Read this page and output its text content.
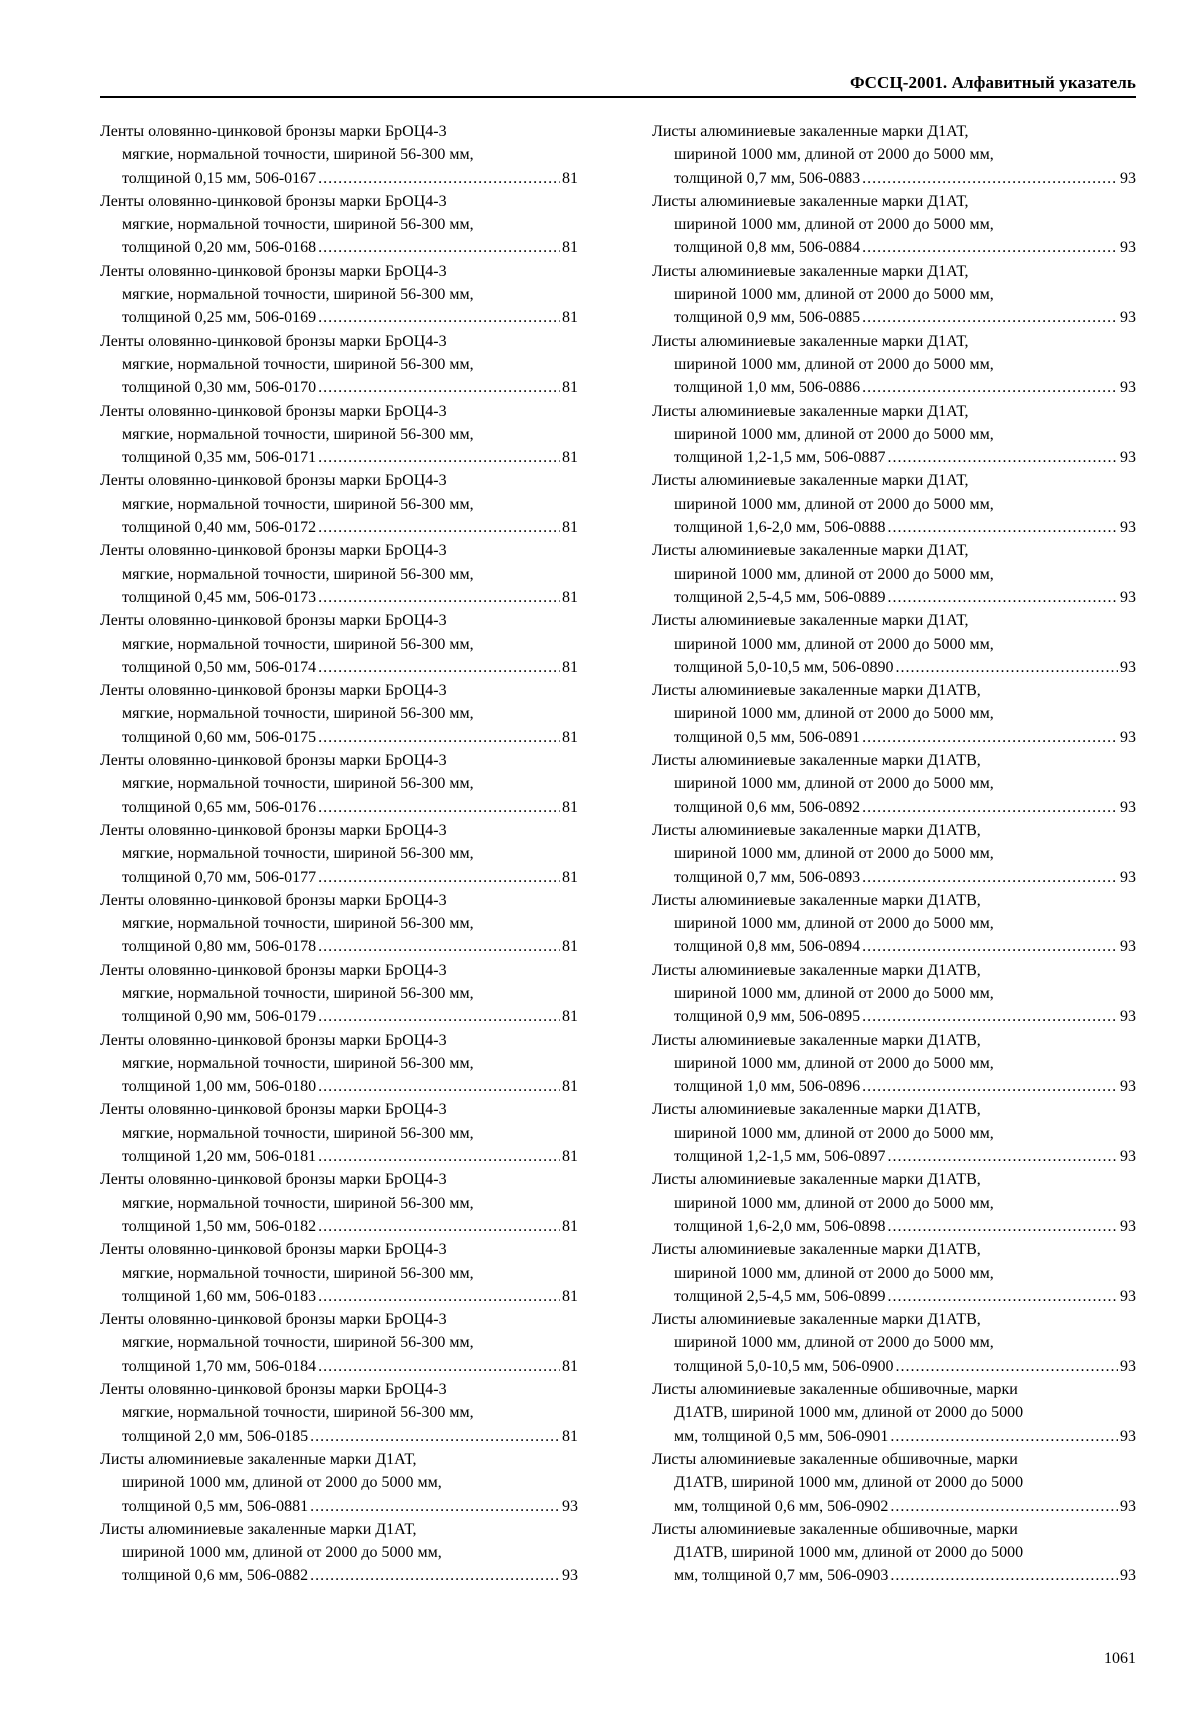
ФССЦ-2001. Алфавитный указатель
Ленты оловянно-цинковой бронзы марки БрОЦ4-3
мягкие, нормальной точности, шириной 56-300 мм,
толщиной 0,15 мм, 506-0167 .....	81
Ленты оловянно-цинковой бронзы марки БрОЦ4-3
мягкие, нормальной точности, шириной 56-300 мм,
толщиной 0,20 мм, 506-0168 .....	81
Ленты оловянно-цинковой бронзы марки БрОЦ4-3
мягкие, нормальной точности, шириной 56-300 мм,
толщиной 0,25 мм, 506-0169 .....	81
Ленты оловянно-цинковой бронзы марки БрОЦ4-3
мягкие, нормальной точности, шириной 56-300 мм,
толщиной 0,30 мм, 506-0170 .....	81
Ленты оловянно-цинковой бронзы марки БрОЦ4-3
мягкие, нормальной точности, шириной 56-300 мм,
толщиной 0,35 мм, 506-0171 .....	81
Ленты оловянно-цинковой бронзы марки БрОЦ4-3
мягкие, нормальной точности, шириной 56-300 мм,
толщиной 0,40 мм, 506-0172 .....	81
Ленты оловянно-цинковой бронзы марки БрОЦ4-3
мягкие, нормальной точности, шириной 56-300 мм,
толщиной 0,45 мм, 506-0173 .....	81
Ленты оловянно-цинковой бронзы марки БрОЦ4-3
мягкие, нормальной точности, шириной 56-300 мм,
толщиной 0,50 мм, 506-0174 .....	81
Ленты оловянно-цинковой бронзы марки БрОЦ4-3
мягкие, нормальной точности, шириной 56-300 мм,
толщиной 0,60 мм, 506-0175 .....	81
Ленты оловянно-цинковой бронзы марки БрОЦ4-3
мягкие, нормальной точности, шириной 56-300 мм,
толщиной 0,65 мм, 506-0176 .....	81
Ленты оловянно-цинковой бронзы марки БрОЦ4-3
мягкие, нормальной точности, шириной 56-300 мм,
толщиной 0,70 мм, 506-0177 .....	81
Ленты оловянно-цинковой бронзы марки БрОЦ4-3
мягкие, нормальной точности, шириной 56-300 мм,
толщиной 0,80 мм, 506-0178 .....	81
Ленты оловянно-цинковой бронзы марки БрОЦ4-3
мягкие, нормальной точности, шириной 56-300 мм,
толщиной 0,90 мм, 506-0179 .....	81
Ленты оловянно-цинковой бронзы марки БрОЦ4-3
мягкие, нормальной точности, шириной 56-300 мм,
толщиной 1,00 мм, 506-0180 .....	81
Ленты оловянно-цинковой бронзы марки БрОЦ4-3
мягкие, нормальной точности, шириной 56-300 мм,
толщиной 1,20 мм, 506-0181 .....	81
Ленты оловянно-цинковой бронзы марки БрОЦ4-3
мягкие, нормальной точности, шириной 56-300 мм,
толщиной 1,50 мм, 506-0182 .....	81
Ленты оловянно-цинковой бронзы марки БрОЦ4-3
мягкие, нормальной точности, шириной 56-300 мм,
толщиной 1,60 мм, 506-0183 .....	81
Ленты оловянно-цинковой бронзы марки БрОЦ4-3
мягкие, нормальной точности, шириной 56-300 мм,
толщиной 1,70 мм, 506-0184 .....	81
Ленты оловянно-цинковой бронзы марки БрОЦ4-3
мягкие, нормальной точности, шириной 56-300 мм,
толщиной 2,0 мм, 506-0185 .....	81
Листы алюминиевые закаленные марки Д1АТ,
шириной 1000 мм, длиной от 2000 до 5000 мм,
толщиной 0,5 мм, 506-0881 .....	93
Листы алюминиевые закаленные марки Д1АТ,
шириной 1000 мм, длиной от 2000 до 5000 мм,
толщиной 0,6 мм, 506-0882 .....	93
Листы алюминиевые закаленные марки Д1АТ,
шириной 1000 мм, длиной от 2000 до 5000 мм,
толщиной 0,7 мм, 506-0883 .....	93
Листы алюминиевые закаленные марки Д1АТ,
шириной 1000 мм, длиной от 2000 до 5000 мм,
толщиной 0,8 мм, 506-0884 .....	93
Листы алюминиевые закаленные марки Д1АТ,
шириной 1000 мм, длиной от 2000 до 5000 мм,
толщиной 0,9 мм, 506-0885 .....	93
Листы алюминиевые закаленные марки Д1АТ,
шириной 1000 мм, длиной от 2000 до 5000 мм,
толщиной 1,0 мм, 506-0886 .....	93
Листы алюминиевые закаленные марки Д1АТ,
шириной 1000 мм, длиной от 2000 до 5000 мм,
толщиной 1,2-1,5 мм, 506-0887 .....	93
Листы алюминиевые закаленные марки Д1АТ,
шириной 1000 мм, длиной от 2000 до 5000 мм,
толщиной 1,6-2,0 мм, 506-0888 .....	93
Листы алюминиевые закаленные марки Д1АТ,
шириной 1000 мм, длиной от 2000 до 5000 мм,
толщиной 2,5-4,5 мм, 506-0889 .....	93
Листы алюминиевые закаленные марки Д1АТ,
шириной 1000 мм, длиной от 2000 до 5000 мм,
толщиной 5,0-10,5 мм, 506-0890 .....	93
Листы алюминиевые закаленные марки Д1АТВ,
шириной 1000 мм, длиной от 2000 до 5000 мм,
толщиной 0,5 мм, 506-0891 .....	93
Листы алюминиевые закаленные марки Д1АТВ,
шириной 1000 мм, длиной от 2000 до 5000 мм,
толщиной 0,6 мм, 506-0892 .....	93
Листы алюминиевые закаленные марки Д1АТВ,
шириной 1000 мм, длиной от 2000 до 5000 мм,
толщиной 0,7 мм, 506-0893 .....	93
Листы алюминиевые закаленные марки Д1АТВ,
шириной 1000 мм, длиной от 2000 до 5000 мм,
толщиной 0,8 мм, 506-0894 .....	93
Листы алюминиевые закаленные марки Д1АТВ,
шириной 1000 мм, длиной от 2000 до 5000 мм,
толщиной 0,9 мм, 506-0895 .....	93
Листы алюминиевые закаленные марки Д1АТВ,
шириной 1000 мм, длиной от 2000 до 5000 мм,
толщиной 1,0 мм, 506-0896 .....	93
Листы алюминиевые закаленные марки Д1АТВ,
шириной 1000 мм, длиной от 2000 до 5000 мм,
толщиной 1,2-1,5 мм, 506-0897 .....	93
Листы алюминиевые закаленные марки Д1АТВ,
шириной 1000 мм, длиной от 2000 до 5000 мм,
толщиной 1,6-2,0 мм, 506-0898 .....	93
Листы алюминиевые закаленные марки Д1АТВ,
шириной 1000 мм, длиной от 2000 до 5000 мм,
толщиной 2,5-4,5 мм, 506-0899 .....	93
Листы алюминиевые закаленные марки Д1АТВ,
шириной 1000 мм, длиной от 2000 до 5000 мм,
толщиной 5,0-10,5 мм, 506-0900 .....	93
Листы алюминиевые закаленные обшивочные, марки
Д1АТВ, шириной 1000 мм, длиной от 2000 до 5000
мм, толщиной 0,5 мм, 506-0901 .....	93
Листы алюминиевые закаленные обшивочные, марки
Д1АТВ, шириной 1000 мм, длиной от 2000 до 5000
мм, толщиной 0,6 мм, 506-0902 .....	93
Листы алюминиевые закаленные обшивочные, марки
Д1АТВ, шириной 1000 мм, длиной от 2000 до 5000
мм, толщиной 0,7 мм, 506-0903 .....	93
1061
